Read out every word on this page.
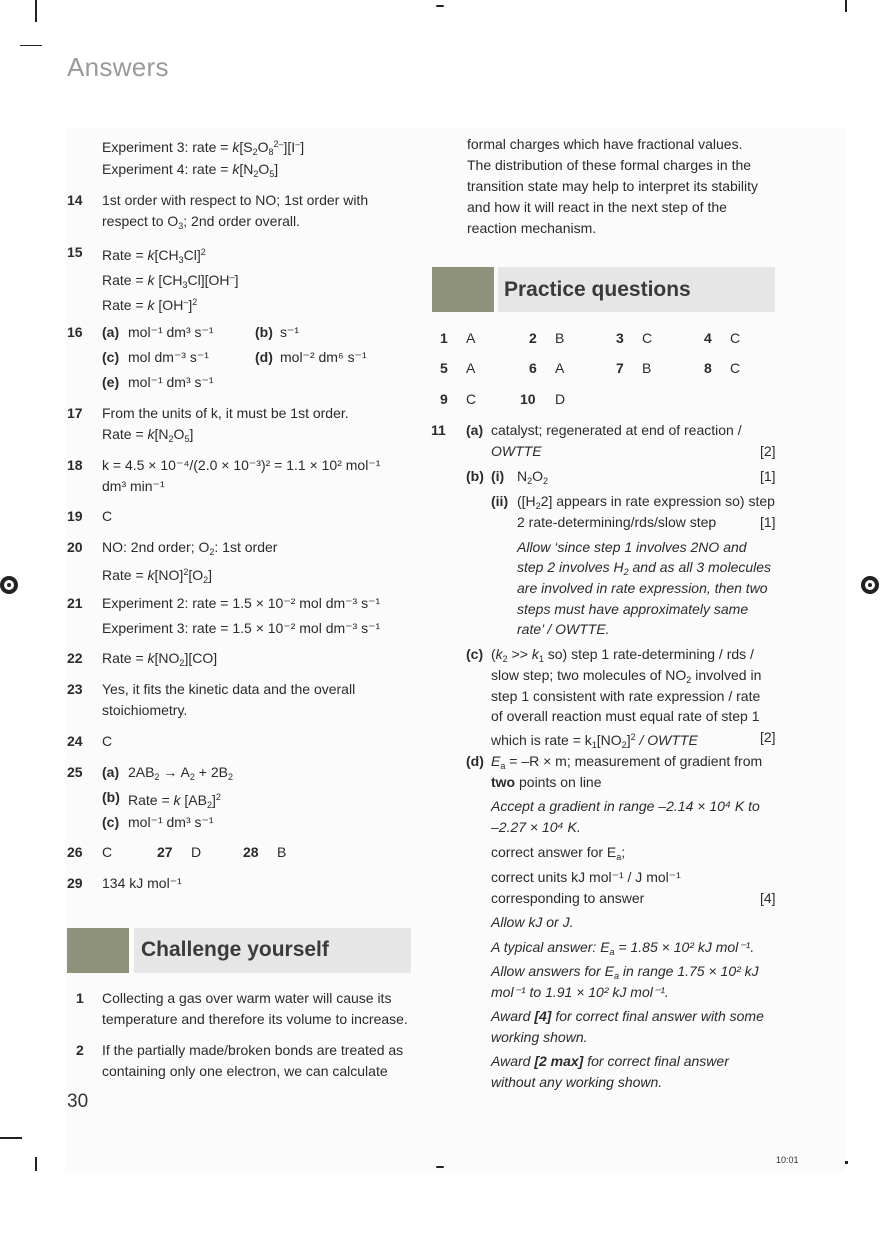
Answers
30
10:01
Experiment 3: rate = $k[S_2O_8^{2-}][I^-]$
Experiment 4: rate = $k[N_2O_5]$
14 1st order with respect to NO; 1st order with
respect to $O_3$; 2nd order overall.
15 Rate = $k[CH_3Cl]^2$
Rate = k $[CH_3Cl][OH^-]$
Rate = k $[OH^-]^2$
16 (a) mol⁻¹ dm³ s⁻¹	(b) s⁻¹
(c) mol dm⁻³ s⁻¹	(d) mol⁻² dm⁶ s⁻¹
(e) mol⁻¹ dm³ s⁻¹
17 From the units of k, it must be 1st order.
Rate = $k[N_2O_5]$
18 k = 4.5 × 10⁻⁴/(2.0 × 10⁻³)² = 1.1 × 10² mol⁻¹
dm³ min⁻¹
19 C
20 NO: 2nd order; $O_2$: 1st order
Rate = $k[NO]^2[O_2]$
21 Experiment 2: rate = 1.5 × 10⁻² mol dm⁻³ s⁻¹
Experiment 3: rate = 1.5 × 10⁻² mol dm⁻³ s⁻¹
22 Rate = $k[NO_2][CO]$
23 Yes, it fits the kinetic data and the overall
stoichiometry.
24 C
25 (a) $2AB_2 \to A_2 + 2B_2$
(b) Rate = k $[AB_2]^2$
(c) mol⁻¹ dm³ s⁻¹
26 C	27 D	28 B
29 134 kJ mol⁻¹
Challenge yourself
1 Collecting a gas over warm water will cause its
temperature and therefore its volume to increase.
2 If the partially made/broken bonds are treated as
containing only one electron, we can calculate
formal charges which have fractional values.
The distribution of these formal charges in the
transition state may help to interpret its stability
and how it will react in the next step of the
reaction mechanism.
Practice questions
1 A	2 B	3 C	4 C
5 A	6 A	7 B	8 C
9 C	10 D
11 (a) catalyst; regenerated at end of reaction /
OWTTE	[2]
(b) (i) $N_2O_2$	[1]
(ii) ($[H_22]$ appears in rate expression so) step
2 rate-determining/rds/slow step	[1]
Allow ‘since step 1 involves 2NO and
step 2 involves $H_2$ and as all 3 molecules
are involved in rate expression, then two
steps must have approximately same
rate’ / OWTTE.
(c) ($k_2 >> k_1$ so) step 1 rate-determining / rds /
slow step; two molecules of $NO_2$ involved in
step 1 consistent with rate expression / rate
of overall reaction must equal rate of step 1
which is rate = $k_1[NO_2]^2$ / OWTTE	[2]
(d) $E_a = -R \times m$; measurement of gradient from
two points on line
Accept a gradient in range –2.14 × 10⁴ K to
–2.27 × 10⁴ K.
correct answer for $E_a$;
correct units kJ mol⁻¹ / J mol⁻¹
corresponding to answer	[4]
Allow kJ or J.
A typical answer: $E_a = 1.85 \times 10^2$ kJ mol⁻¹.
Allow answers for $E_a$ in range 1.75 × 10² kJ
mol⁻¹ to 1.91 × 10² kJ mol⁻¹.
Award [4] for correct final answer with some
working shown.
Award [2 max] for correct final answer
without any working shown.
